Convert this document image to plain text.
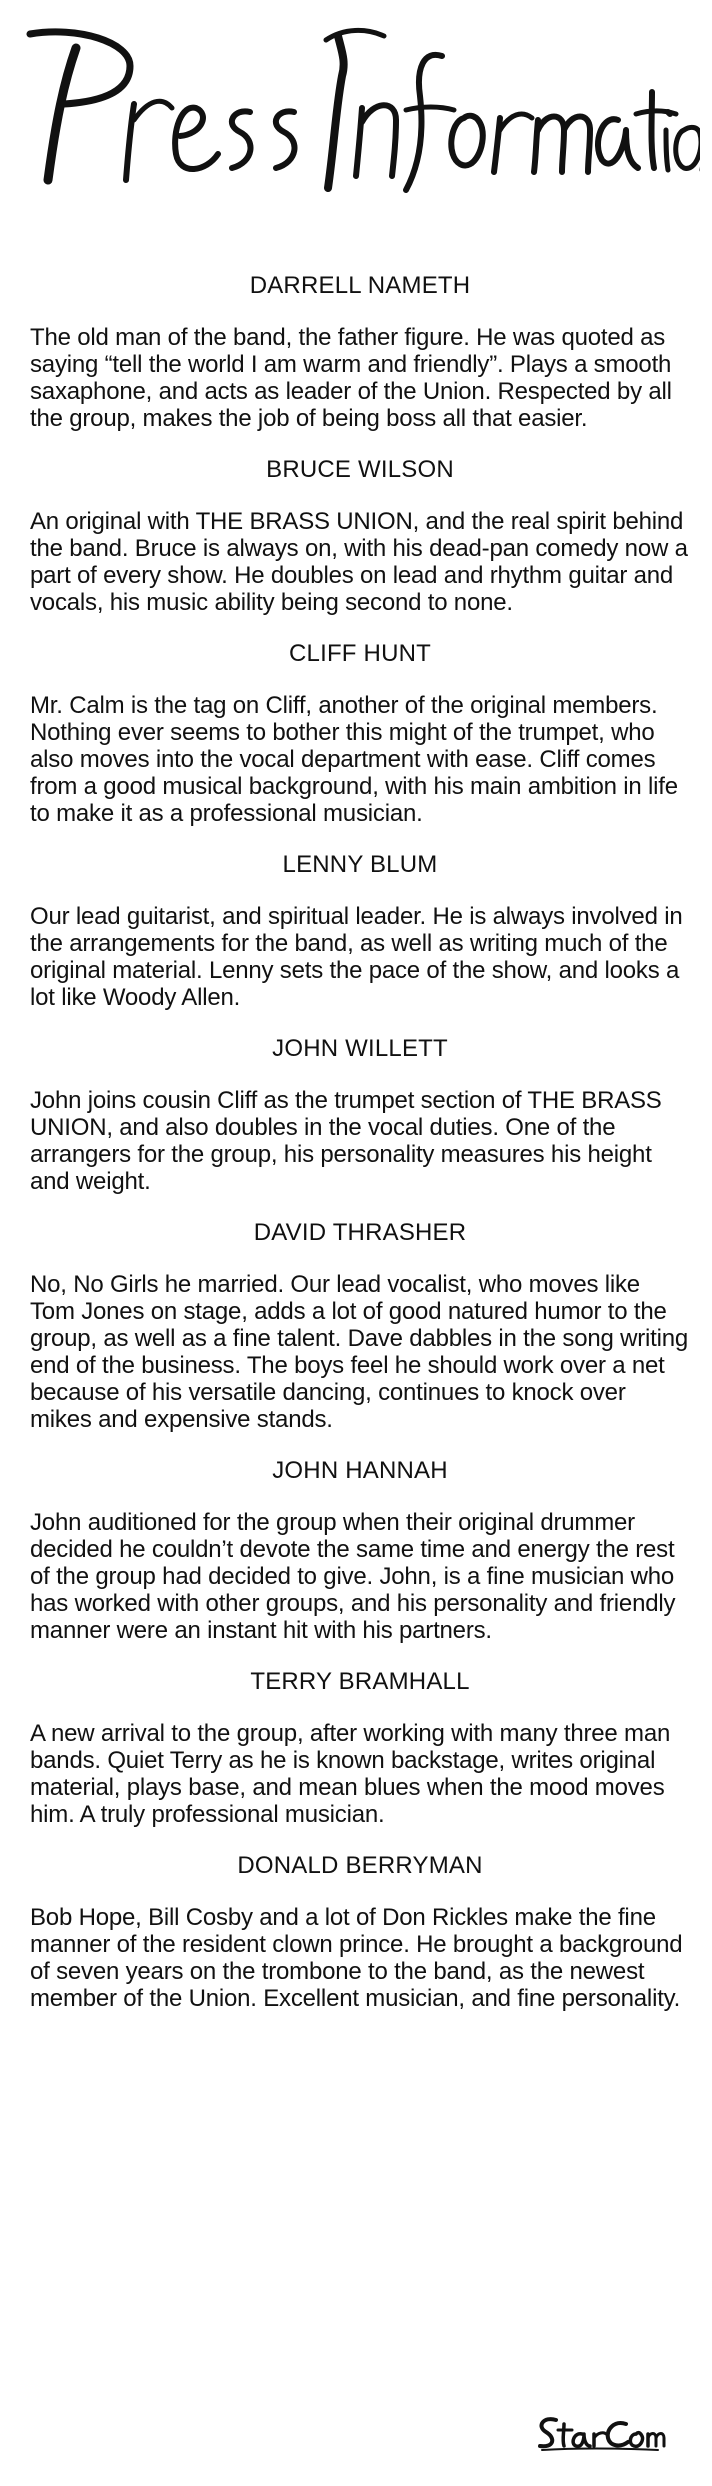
DARRELL NAMETH
The old man of the band, the father figure. He was quoted as saying “tell the world I am warm and friendly”. Plays a smooth saxaphone, and acts as leader of the Union. Respected by all the group, makes the job of being boss all that easier.
BRUCE WILSON
An original with THE BRASS UNION, and the real spirit behind the band. Bruce is always on, with his dead-pan comedy now a part of every show. He doubles on lead and rhythm guitar and vocals, his music ability being second to none.
CLIFF HUNT
Mr. Calm is the tag on Cliff, another of the original members. Nothing ever seems to bother this might of the trumpet, who also moves into the vocal department with ease. Cliff comes from a good musical background, with his main ambition in life to make it as a professional musician.
LENNY BLUM
Our lead guitarist, and spiritual leader. He is always involved in the arrangements for the band, as well as writing much of the original material. Lenny sets the pace of the show, and looks a lot like Woody Allen.
JOHN WILLETT
John joins cousin Cliff as the trumpet section of THE BRASS UNION, and also doubles in the vocal duties. One of the arrangers for the group, his personality measures his height and weight.
DAVID THRASHER
No, No Girls he married. Our lead vocalist, who moves like Tom Jones on stage, adds a lot of good natured humor to the group, as well as a fine talent. Dave dabbles in the song writing end of the business. The boys feel he should work over a net because of his versatile dancing, continues to knock over mikes and expensive stands.
JOHN HANNAH
John auditioned for the group when their original drummer decided he couldn’t devote the same time and energy the rest of the group had decided to give. John, is a fine musician who has worked with other groups, and his personality and friendly manner were an instant hit with his partners.
TERRY BRAMHALL
A new arrival to the group, after working with many three man bands. Quiet Terry as he is known backstage, writes original material, plays base, and mean blues when the mood moves him. A truly professional musician.
DONALD BERRYMAN
Bob Hope, Bill Cosby and a lot of Don Rickles make the fine manner of the resident clown prince. He brought a background of seven years on the trombone to the band, as the newest member of the Union. Excellent musician, and fine personality.
